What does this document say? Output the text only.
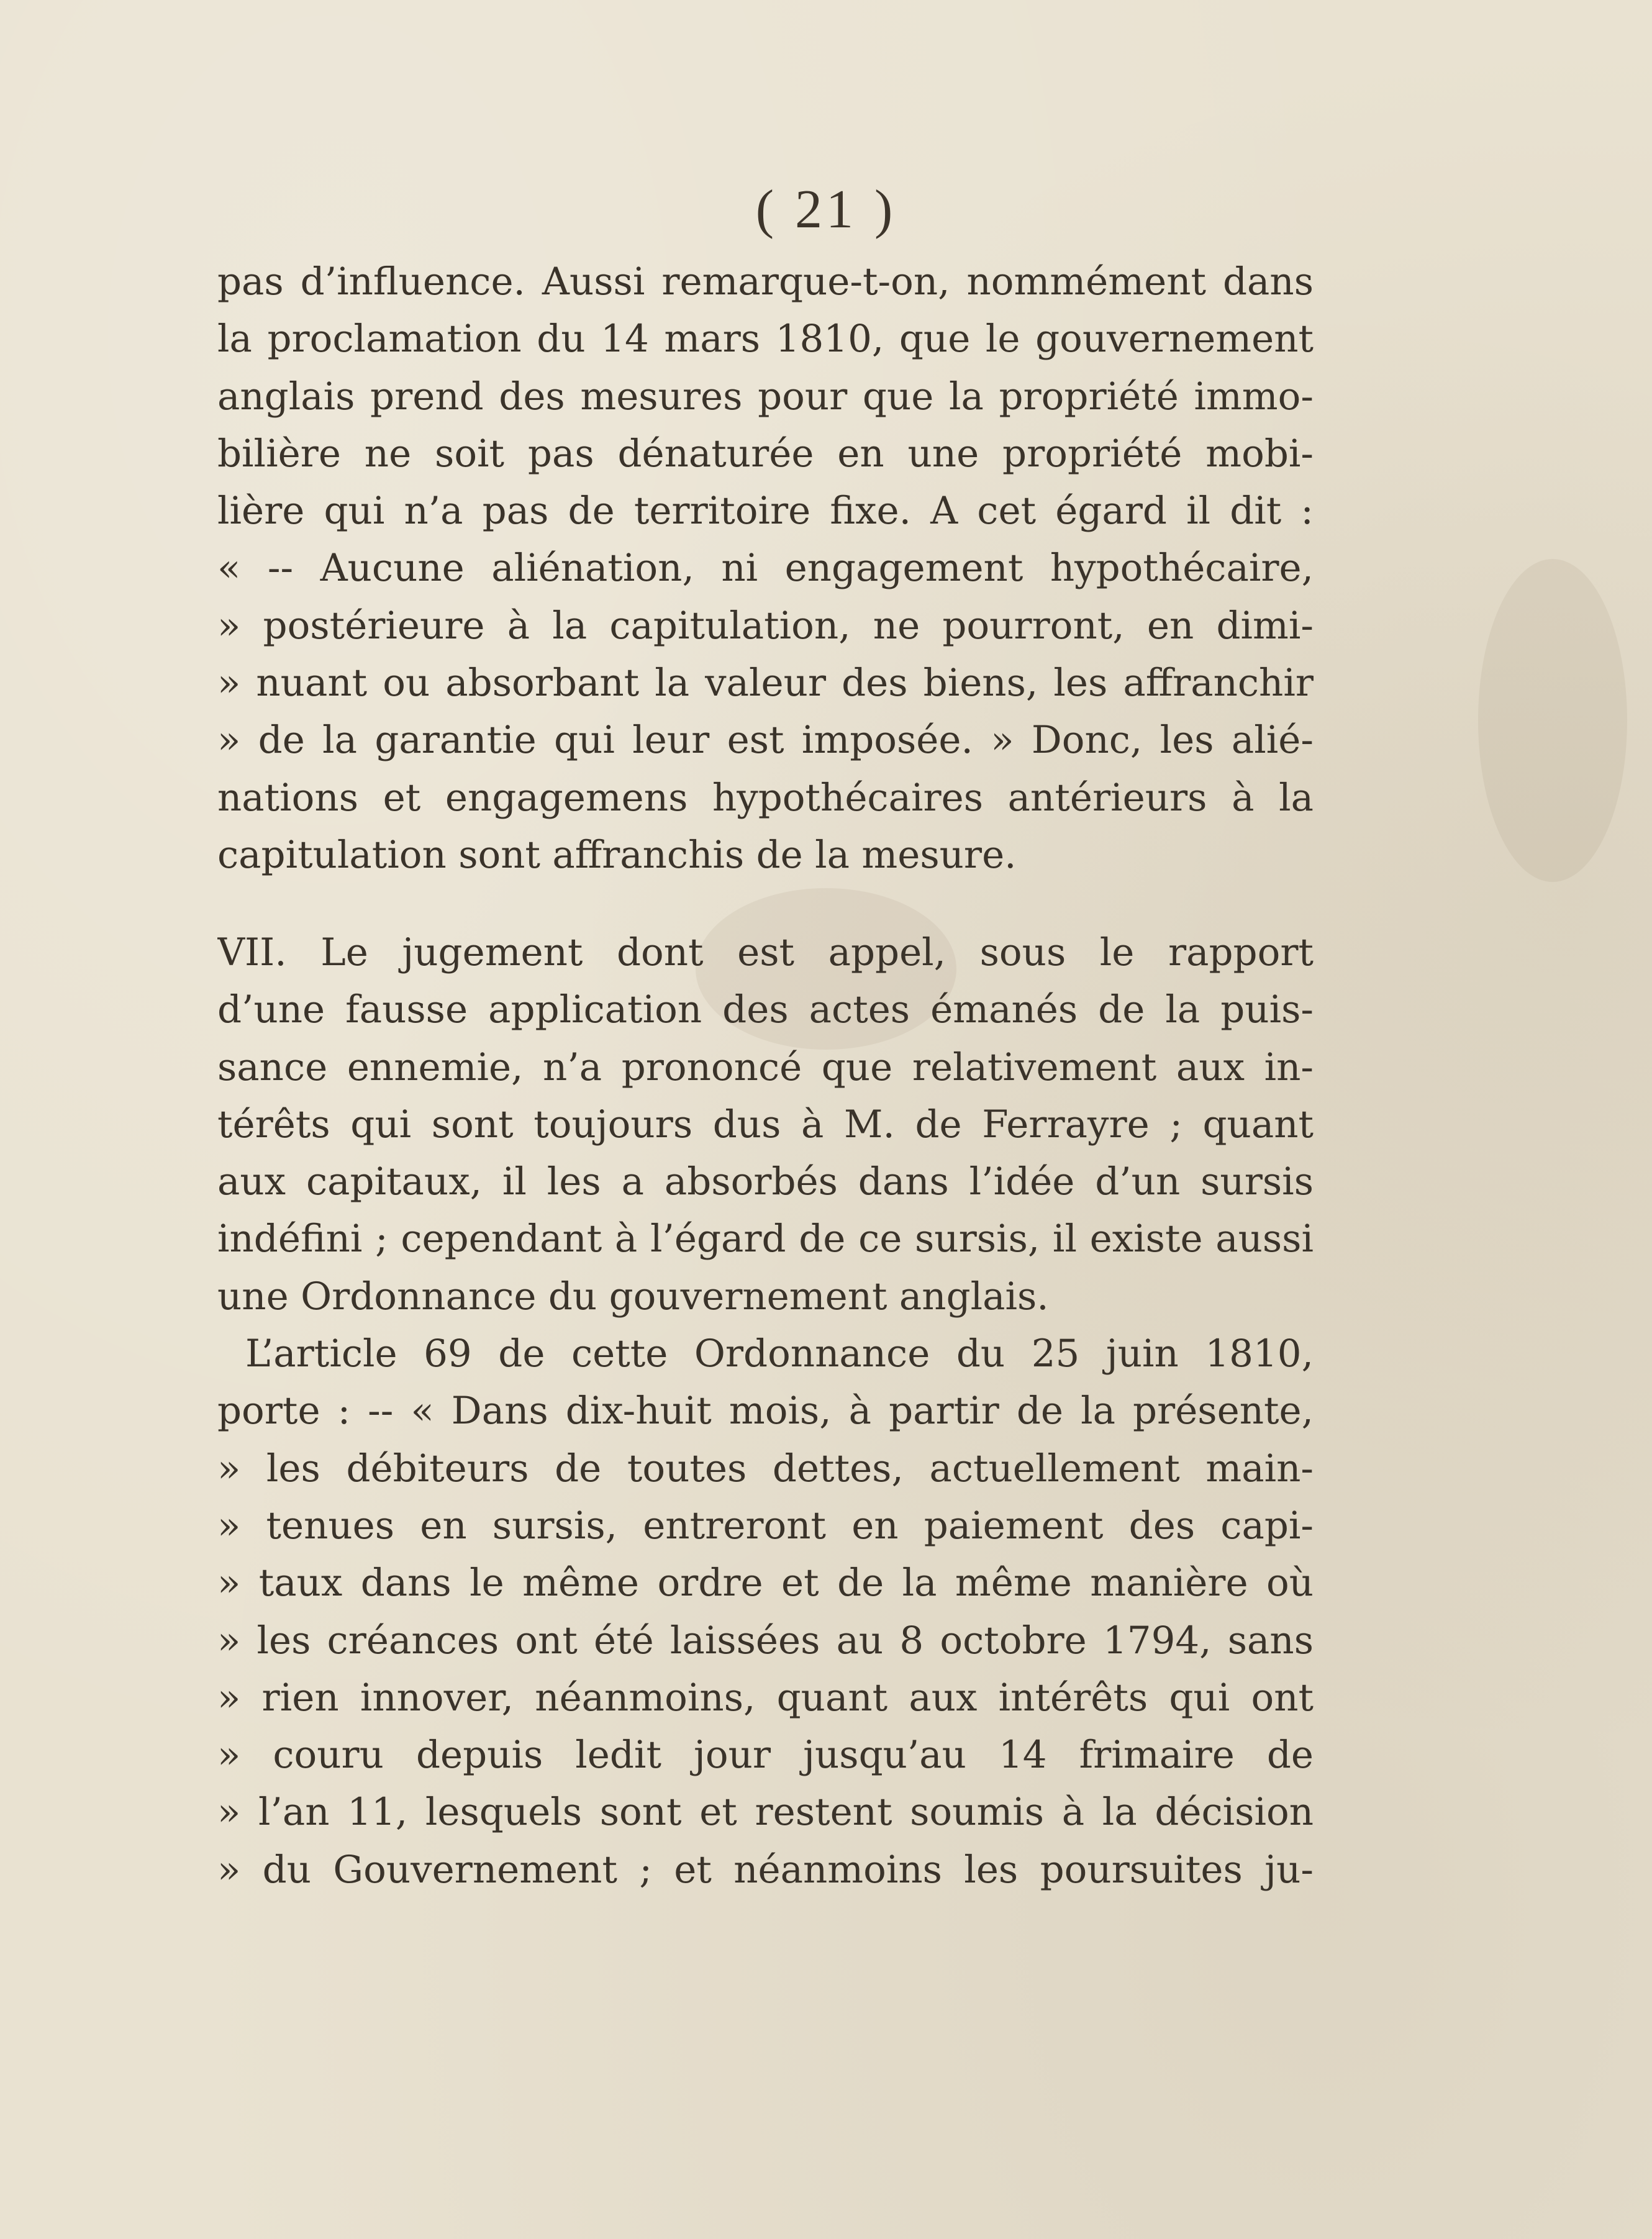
( 21 )
pas d’influence. Aussi remarque-t-on, nommément dans
la proclamation du 14 mars 1810, que le gouvernement
anglais prend des mesures pour que la propriété immo-
bilière ne soit pas dénaturée en une propriété mobi-
lière qui n’a pas de territoire fixe. A cet égard il dit :
« -- Aucune aliénation, ni engagement hypothécaire,
» postérieure à la capitulation, ne pourront, en dimi-
» nuant ou absorbant la valeur des biens, les affranchir
» de la garantie qui leur est imposée. » Donc, les alié-
nations et engagemens hypothécaires antérieurs à la
capitulation sont affranchis de la mesure.
VII. Le jugement dont est appel, sous le rapport
d’une fausse application des actes émanés de la puis-
sance ennemie, n’a prononcé que relativement aux in-
térêts qui sont toujours dus à M. de Ferrayre ; quant
aux capitaux, il les a absorbés dans l’idée d’un sursis
indéfini ; cependant à l’égard de ce sursis, il existe aussi
une Ordonnance du gouvernement anglais.
L’article 69 de cette Ordonnance du 25 juin 1810,
porte : -- « Dans dix-huit mois, à partir de la présente,
» les débiteurs de toutes dettes, actuellement main-
» tenues en sursis, entreront en paiement des capi-
» taux dans le même ordre et de la même manière où
» les créances ont été laissées au 8 octobre 1794, sans
» rien innover, néanmoins, quant aux intérêts qui ont
» couru depuis ledit jour jusqu’au 14 frimaire de
» l’an 11, lesquels sont et restent soumis à la décision
» du Gouvernement ; et néanmoins les poursuites ju-
